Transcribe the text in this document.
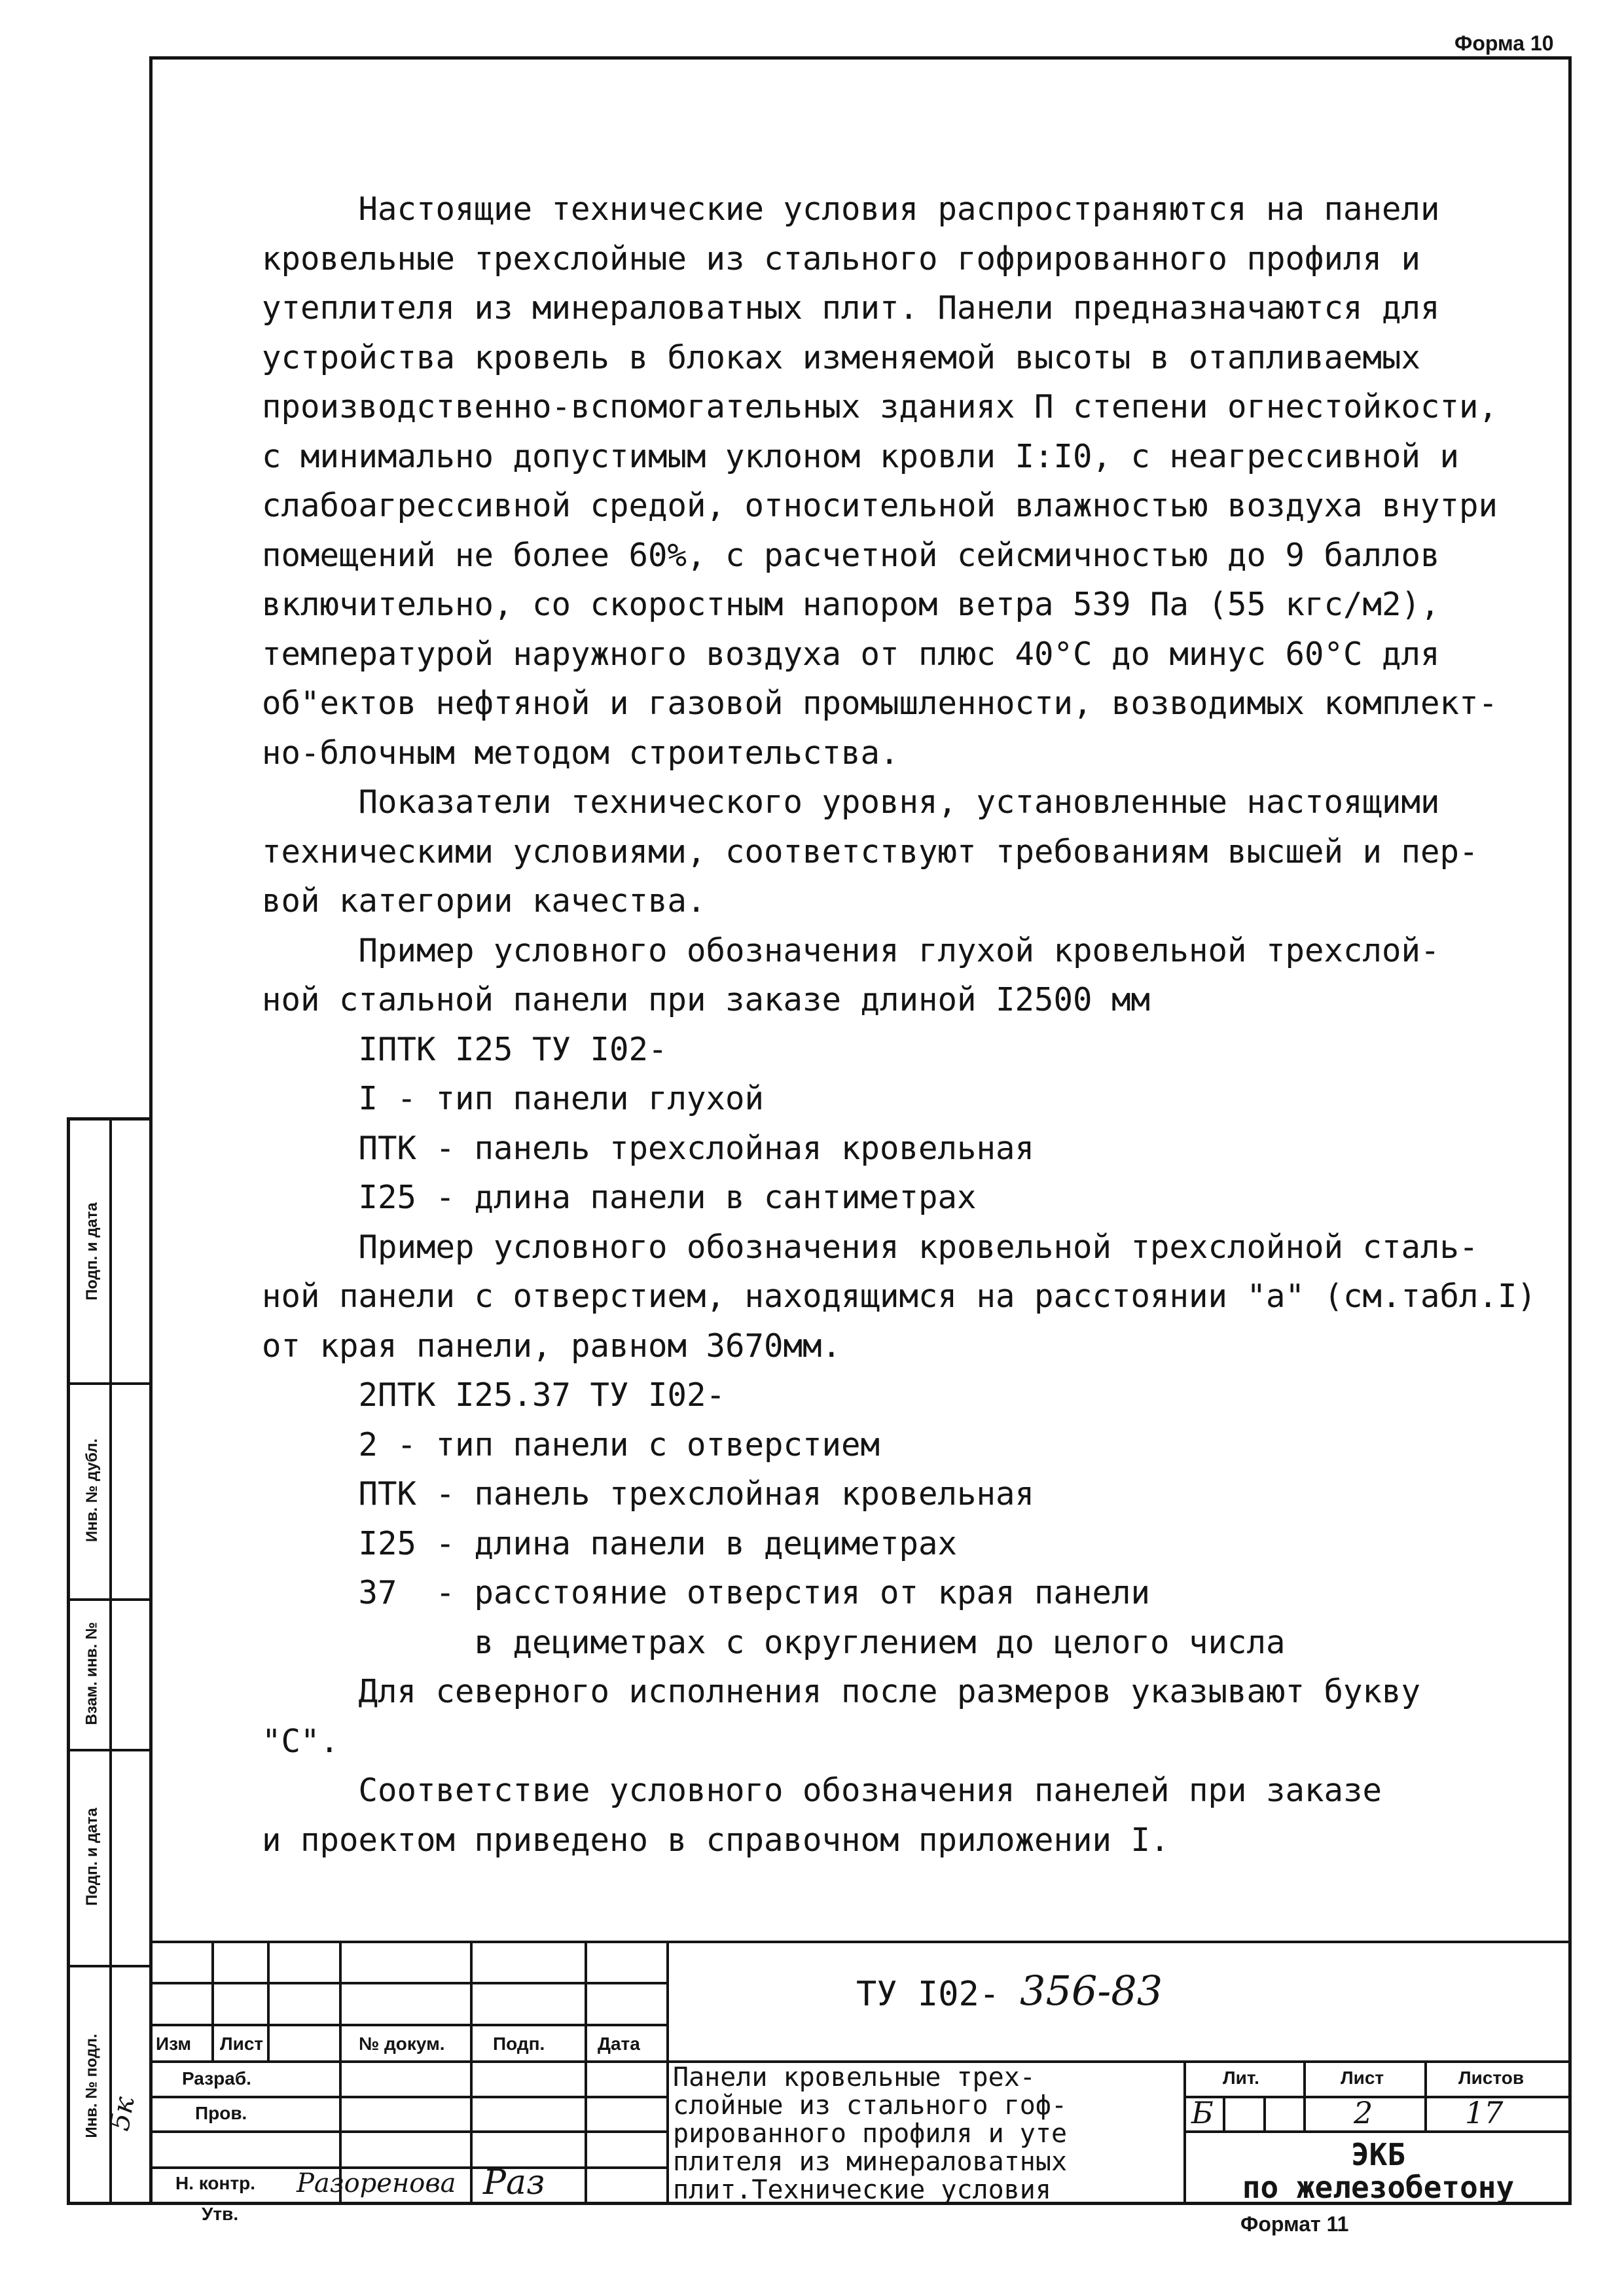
Форма 10
Настоящие технические условия распространяются на панели
кровельные трехслойные из стального гофрированного профиля и
утеплителя из минераловатных плит. Панели предназначаются для
устройства кровель в блоках изменяемой высоты в отапливаемых
производственно-вспомогательных зданиях П степени огнестойкости,
с минимально допустимым уклоном кровли I:I0, с неагрессивной и
слабоагрессивной средой, относительной влажностью воздуха внутри
помещений не более 60%, с расчетной сейсмичностью до 9 баллов
включительно, со скоростным напором ветра 539 Па (55 кгс/м2),
температурой наружного воздуха от плюс 40°С до минус 60°С для
об"ектов нефтяной и газовой промышленности, возводимых комплект-
но-блочным методом строительства.
Показатели технического уровня, установленные настоящими
техническими условиями, соответствуют требованиям высшей и пер-
вой категории качества.
Пример условного обозначения глухой кровельной трехслой-
ной стальной панели при заказе длиной I2500 мм
IПТК I25 ТУ I02-
I - тип панели глухой
ПТК - панель трехслойная кровельная
I25 - длина панели в сантиметрах
Пример условного обозначения кровельной трехслойной сталь-
ной панели с отверстием, находящимся на расстоянии "а" (см.табл.I)
от края панели, равном 3670мм.
2ПТК I25.37 ТУ I02-
2 - тип панели с отверстием
ПТК - панель трехслойная кровельная
I25 - длина панели в дециметрах
37  - расстояние отверстия от края панели
в дециметрах с округлением до целого числа
Для северного исполнения после размеров указывают букву
"С".
Соответствие условного обозначения панелей при заказе
и проектом приведено в справочном приложении I.
Подп. и дата
Инв. № дубл.
Взам. инв. №
Подп. и дата
Инв. № подл. 5к
ТУ I02- 356-83
Изм Лист	№ докум.	Подп.	Дата
Разраб.
Пров.
Н. контр.
Утв.
Разоренова Раз
Панели кровельные трех-
слойные из стального гоф-
рированного профиля и уте
плителя из минераловатных
плит.Технические условия
Лит.	Лист	Листов
Б	2	17
ЭКБ
по железобетону
Формат 11
